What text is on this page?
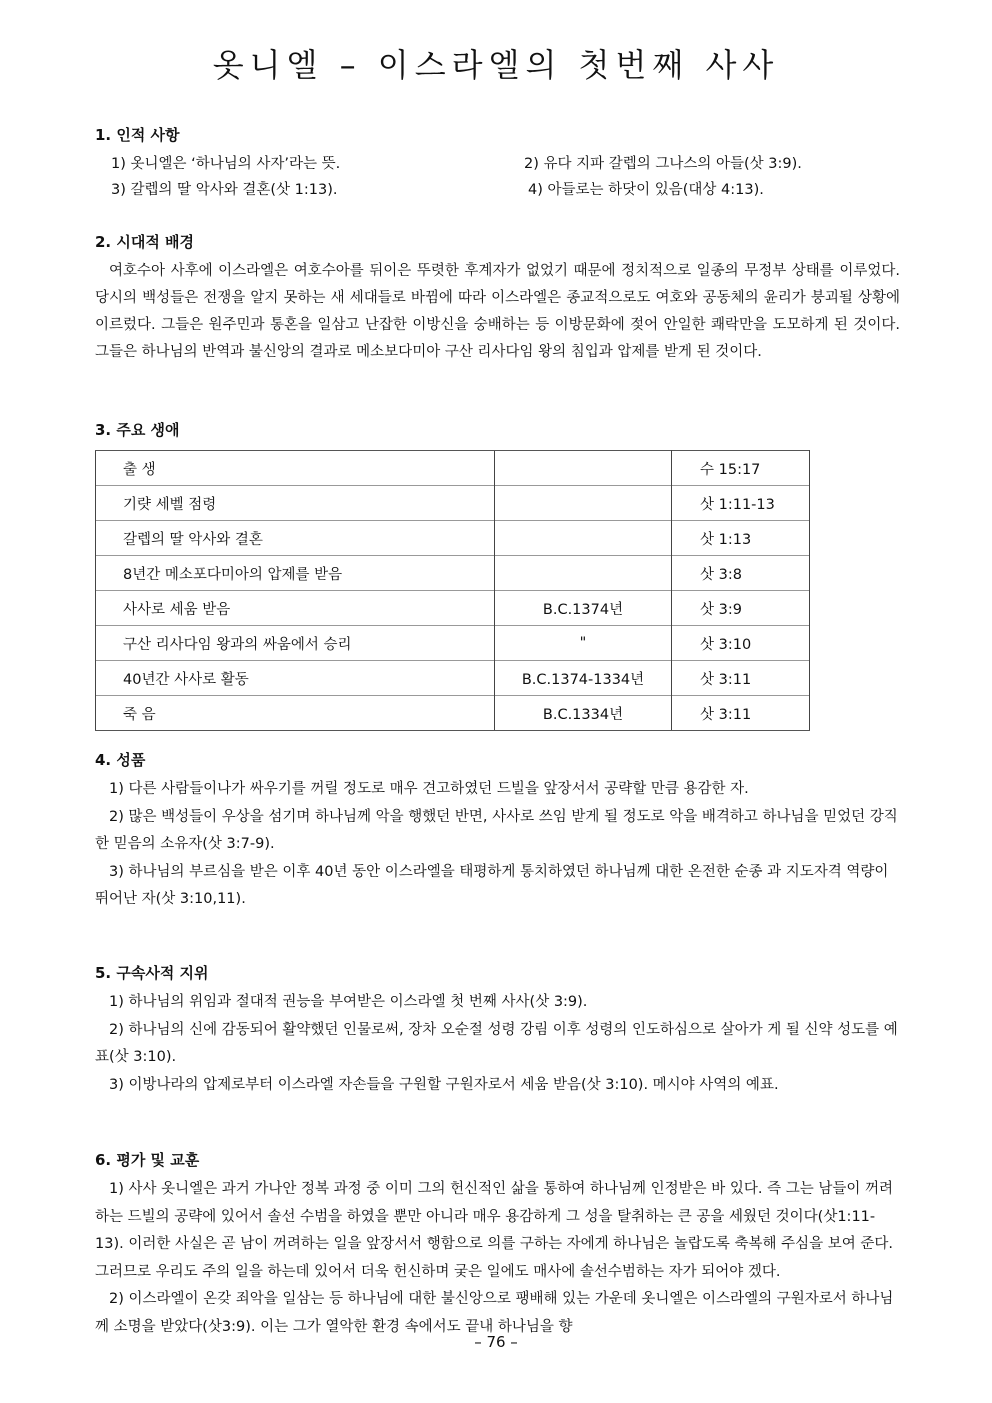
옷니엘 – 이스라엘의 첫번째 사사
1. 인적 사항
1) 옷니엘은 ‘하나님의 사자’라는 뜻.	2) 유다 지파 갈렙의 그나스의 아들(삿 3:9).
3) 갈렙의 딸 악사와 결혼(삿 1:13).	4) 아들로는 하닷이 있음(대상 4:13).
2. 시대적 배경

여호수아 사후에 이스라엘은 여호수아를 뒤이은 뚜렷한 후계자가 없었기 때문에 정치적으로 일종의 무정부 상태를 이루었다. 당시의 백성들은 전쟁을 알지 못하는 새 세대들로 바뀜에 따라 이스라엘은 종교적으로도 여호와 공동체의 윤리가 붕괴될 상황에 이르렀다. 그들은 원주민과 통혼을 일삼고 난잡한 이방신을 숭배하는 등 이방문화에 젖어 안일한 쾌락만을 도모하게 된 것이다. 그들은 하나님의 반역과 불신앙의 결과로 메소보다미아 구산 리사다임 왕의 침입과 압제를 받게 된 것이다.

3. 주요 생애
출 생		수 15:17
기럇 세벨 점령		삿 1:11-13
갈렙의 딸 악사와 결혼		삿 1:13
8년간 메소포다미아의 압제를 받음		삿 3:8
사사로 세움 받음	B.C.1374년	삿 3:9
구산 리사다임 왕과의 싸움에서 승리	"	삿 3:10
40년간 사사로 활동	B.C.1374-1334년	삿 3:11
죽 음	B.C.1334년	삿 3:11
4. 성품

1) 다른 사람들이나가 싸우기를 꺼릴 정도로 매우 견고하였던 드빌을 앞장서서 공략할 만큼 용감한 자.

2) 많은 백성들이 우상을 섬기며 하나님께 악을 행했던 반면, 사사로 쓰임 받게 될 정도로 악을 배격하고 하나님을 믿었던 강직한 믿음의 소유자(삿 3:7-9).

3) 하나님의 부르심을 받은 이후 40년 동안 이스라엘을 태평하게 통치하였던 하나님께 대한 온전한 순종 과 지도자격 역량이 뛰어난 자(삿 3:10,11).

5. 구속사적 지위

1) 하나님의 위임과 절대적 권능을 부여받은 이스라엘 첫 번째 사사(삿 3:9).

2) 하나님의 신에 감동되어 활약했던 인물로써, 장차 오순절 성령 강림 이후 성령의 인도하심으로 살아가 게 될 신약 성도를 예표(삿 3:10).

3) 이방나라의 압제로부터 이스라엘 자손들을 구원할 구원자로서 세움 받음(삿 3:10). 메시야 사역의 예표.

6. 평가 및 교훈

1) 사사 옷니엘은 과거 가나안 정복 과정 중 이미 그의 헌신적인 삶을 통하여 하나님께 인정받은 바 있다. 즉 그는 남들이 꺼려하는 드빌의 공략에 있어서 솔선 수범을 하였을 뿐만 아니라 매우 용감하게 그 성을 탈취하는 큰 공을 세웠던 것이다(삿1:11-13). 이러한 사실은 곧 남이 꺼려하는 일을 앞장서서 행함으로 의를 구하는 자에게 하나님은 놀랍도록 축복해 주심을 보여 준다. 그러므로 우리도 주의 일을 하는데 있어서 더욱 헌신하며 궂은 일에도 매사에 솔선수범하는 자가 되어야 겠다.

2) 이스라엘이 온갖 죄악을 일삼는 등 하나님에 대한 불신앙으로 팽배해 있는 가운데 옷니엘은 이스라엘의 구원자로서 하나님께 소명을 받았다(삿3:9). 이는 그가 열악한 환경 속에서도 끝내 하나님을 향

– 76 –
